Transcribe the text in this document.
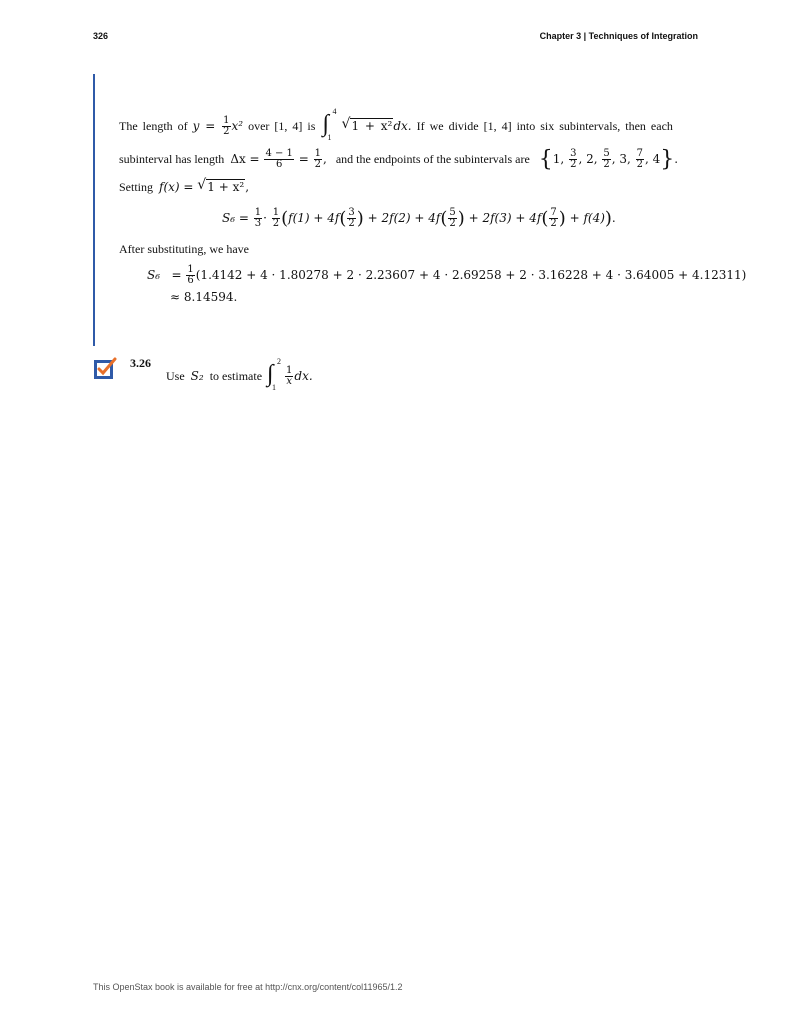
326	Chapter 3 | Techniques of Integration
The length of $y = \frac{1}{2} x^2$ over [1, 4] is ∫ 4
1

√ 1 + x²dx. If we divide [1, 4] into six subintervals, then each
subinterval has length $\Delta x = \frac{4 - 1}{6} = \frac{1}{2}$ , and the endpoints of the subintervals are {1, $\frac{3}{2}$ , 2, $\frac{5}{2}$ , 3, $\frac{7}{2}$ , 4}.
Setting f(x) = √ 1 + x²,
$S_6 = \frac{1}{3} \cdot \frac{1}{2} (f(1) + 4f( \frac{3}{2}$ ) + $2f(2) + 4f( \frac{5}{2}$ ) + $2f(3) + 4f( \frac{7}{2}$ ) + f(4)).
After substituting, we have
$S_6 = \frac{1}{6} (1.4142 + 4 \cdot 1.80278 + 2 \cdot 2.23607 + 4 \cdot 2.69258 + 2 \cdot 3.16228 + 4 \cdot 3.64005 + 4.12311)$
≈ 8.14594.
3.26
Use S₂ to estimate ∫ 2
1

$\frac{1}{x}$ dx.
This OpenStax book is available for free at http://cnx.org/content/col11965/1.2
